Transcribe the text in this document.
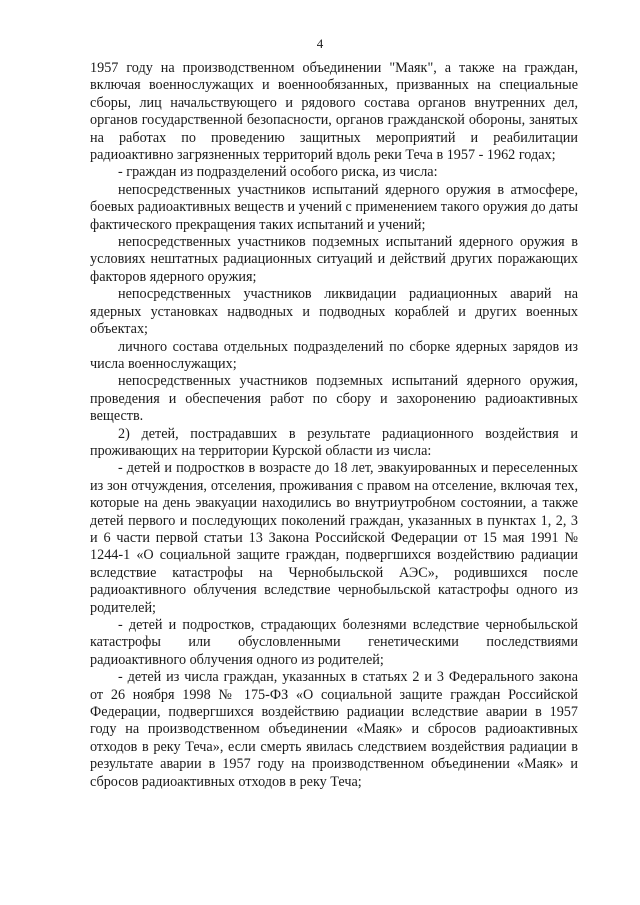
4

1957 году на производственном объединении "Маяк", а также на граждан, включая военнослужащих и военнообязанных, призванных на специальные сборы, лиц начальствующего и рядового состава органов внутренних дел, органов государственной безопасности, органов гражданской обороны, занятых на работах по проведению защитных мероприятий и реабилитации радиоактивно загрязненных территорий вдоль реки Теча в 1957 - 1962 годах;

- граждан из подразделений особого риска, из числа:

непосредственных участников испытаний ядерного оружия в атмосфере, боевых радиоактивных веществ и учений с применением такого оружия до даты фактического прекращения таких испытаний и учений;

непосредственных участников подземных испытаний ядерного оружия в условиях нештатных радиационных ситуаций и действий других поражающих факторов ядерного оружия;

непосредственных участников ликвидации радиационных аварий на ядерных установках надводных и подводных кораблей и других военных объектах;

личного состава отдельных подразделений по сборке ядерных зарядов из числа военнослужащих;

непосредственных участников подземных испытаний ядерного оружия, проведения и обеспечения работ по сбору и захоронению радиоактивных веществ.

2) детей, пострадавших в результате радиационного воздействия и проживающих на территории Курской области из числа:

- детей и подростков в возрасте до 18 лет, эвакуированных и переселенных из зон отчуждения, отселения, проживания с правом на отселение, включая тех, которые на день эвакуации находились во внутриутробном состоянии, а также детей первого и последующих поколений граждан, указанных в пунктах 1, 2, 3 и 6 части первой статьи 13 Закона Российской Федерации от 15 мая 1991 № 1244-1 «О социальной защите граждан, подвергшихся воздействию радиации вследствие катастрофы на Чернобыльской АЭС», родившихся после радиоактивного облучения вследствие чернобыльской катастрофы одного из родителей;

- детей и подростков, страдающих болезнями вследствие чернобыльской катастрофы или обусловленными генетическими последствиями радиоактивного облучения одного из родителей;

- детей из числа граждан, указанных в статьях 2 и 3 Федерального закона от 26 ноября 1998 № 175-ФЗ «О социальной защите граждан Российской Федерации, подвергшихся воздействию радиации вследствие аварии в 1957 году на производственном объединении «Маяк» и сбросов радиоактивных отходов в реку Теча», если смерть явилась следствием воздействия радиации в результате аварии в 1957 году на производственном объединении «Маяк» и сбросов радиоактивных отходов в реку Теча;
